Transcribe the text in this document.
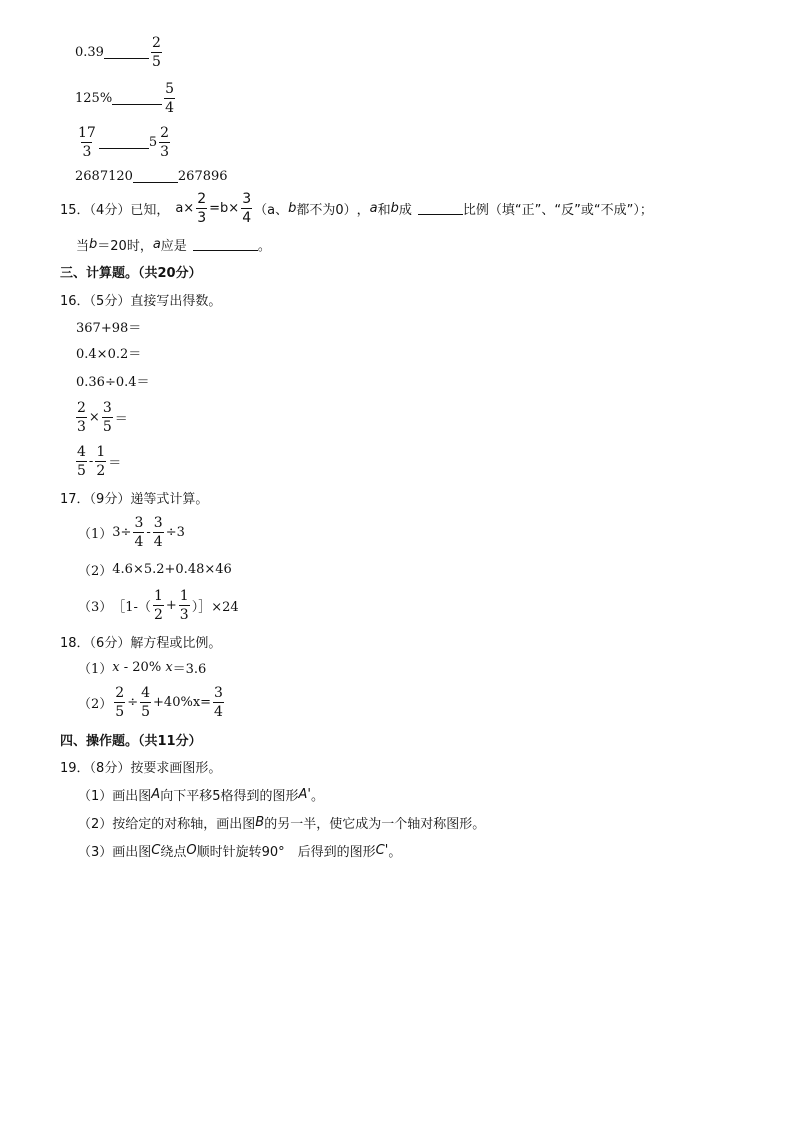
0.39	$\frac{2}{5}$
125%	$\frac{5}{4}$
$\frac{17}{3}$	$5 \frac{2}{3}$
2687120	267896
15．（4分）已知， $a \times \frac{2}{3} =b \times \frac{3}{4} (a$、 b 都不为0） ， a 和 b 成	比例（填“正”、“反”或“不成”）；
当 b ＝20时， a 应是	。
三、计算题。（共20分）
16．（5分）直接写出得数。
367+98＝
0.4×0.2＝
0.36÷0.4＝
$\frac{2}{3} \times \frac{3}{5}$ ＝
$\frac{4}{5} - \frac{1}{2}$ ＝
17．（9分）递等式计算。
（1） $3\div \frac{3}{4} - \frac{3}{4} \div 3$
（2） 4.6×5.2+0.48×46
（3） ［1-（ $\frac{1}{2} + \frac{1}{3}$ ）］×24
18．（6分）解方程或比例。
（1） x - 20% x ＝3.6
$(2) \frac{2}{5} \div \frac{4}{5} +40\%x= \frac{3}{4}$
四、操作题。（共11分）
19．（8分）按要求画图形。
（1） 画出图 A 向下平移5格得到的图形 A' 。
（2） 按给定的对称轴，画出图 B 的另一半，使它成为一个轴对称图形。
（3） 画出图 C 绕点 O 顺时针旋转90°　后得到的图形 C' 。
